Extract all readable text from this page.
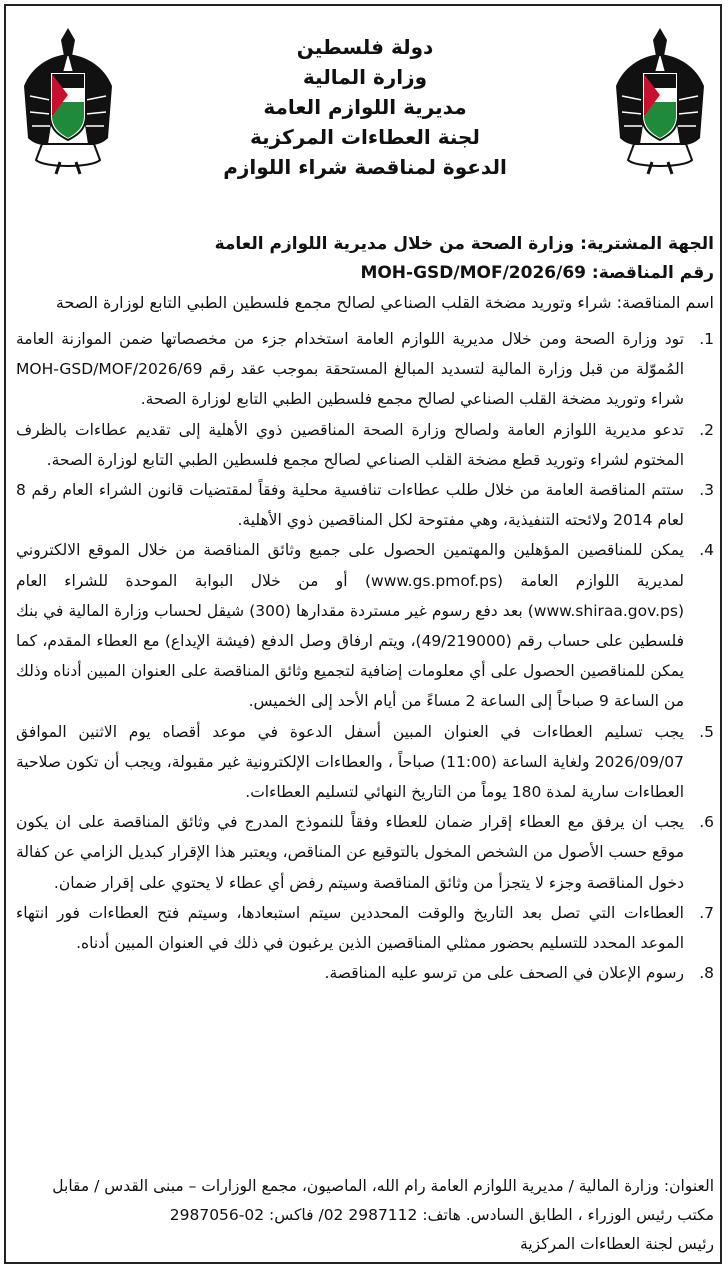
دولة فلسطين
وزارة المالية
مديرية اللوازم العامة
لجنة العطاءات المركزية
الدعوة لمناقصة شراء اللوازم
الجهة المشترية: وزارة الصحة من خلال مديرية اللوازم العامة
رقم المناقصة: MOH-GSD/MOF/2026/69
اسم المناقصة: شراء وتوريد مضخة القلب الصناعي لصالح مجمع فلسطين الطبي التابع لوزارة الصحة
1.
تود وزارة الصحة ومن خلال مديرية اللوازم العامة استخدام جزء من مخصصاتها ضمن الموازنة العامة المُموّلة من قبل وزارة المالية لتسديد المبالغ المستحقة بموجب عقد رقم MOH-GSD/MOF/2026/69 شراء وتوريد مضخة القلب الصناعي لصالح مجمع فلسطين الطبي التابع لوزارة الصحة.
2.
تدعو مديرية اللوازم العامة ولصالح وزارة الصحة المناقصين ذوي الأهلية إلى تقديم عطاءات بالظرف المختوم لشراء وتوريد قطع مضخة القلب الصناعي لصالح مجمع فلسطين الطبي التابع لوزارة الصحة.
3.
ستتم المناقصة العامة من خلال طلب عطاءات تنافسية محلية وفقاً لمقتضيات قانون الشراء العام رقم 8 لعام 2014 ولائحته التنفيذية، وهي مفتوحة لكل المناقصين ذوي الأهلية.
4.
يمكن للمناقصين المؤهلين والمهتمين الحصول على جميع وثائق المناقصة من خلال الموقع الالكتروني لمديرية اللوازم العامة (www.gs.pmof.ps) أو من خلال البوابة الموحدة للشراء العام (www.shiraa.gov.ps) بعد دفع رسوم غير مستردة مقدارها (300) شيقل لحساب وزارة المالية في بنك فلسطين على حساب رقم (49/219000)، ويتم ارفاق وصل الدفع (فيشة الإيداع) مع العطاء المقدم، كما يمكن للمناقصين الحصول على أي معلومات إضافية لتجميع وثائق المناقصة على العنوان المبين أدناه وذلك من الساعة 9 صباحاً إلى الساعة 2 مساءً من أيام الأحد إلى الخميس.
5.
يجب تسليم العطاءات في العنوان المبين أسفل الدعوة في موعد أقصاه يوم الاثنين الموافق 2026/09/07 ولغاية الساعة (11:00) صباحاً ، والعطاءات الإلكترونية غير مقبولة، ويجب أن تكون صلاحية العطاءات سارية لمدة 180 يوماً من التاريخ النهائي لتسليم العطاءات.
6.
يجب ان يرفق مع العطاء إقرار ضمان للعطاء وفقاً للنموذج المدرج في وثائق المناقصة على ان يكون موقع حسب الأصول من الشخص المخول بالتوقيع عن المناقص، ويعتبر هذا الإقرار كبديل الزامي عن كفالة دخول المناقصة وجزء لا يتجزأ من وثائق المناقصة وسيتم رفض أي عطاء لا يحتوي على إقرار ضمان.
7.
العطاءات التي تصل بعد التاريخ والوقت المحددين سيتم استبعادها، وسيتم فتح العطاءات فور انتهاء الموعد المحدد للتسليم بحضور ممثلي المناقصين الذين يرغبون في ذلك في العنوان المبين أدناه.
8.
رسوم الإعلان في الصحف على من ترسو عليه المناقصة.
العنوان: وزارة المالية / مديرية اللوازم العامة رام الله، الماصيون، مجمع الوزارات – مبنى القدس / مقابل مكتب رئيس الوزراء ، الطابق السادس. هاتف: 2987112 02/ فاكس: 02-2987056
رئيس لجنة العطاءات المركزية
